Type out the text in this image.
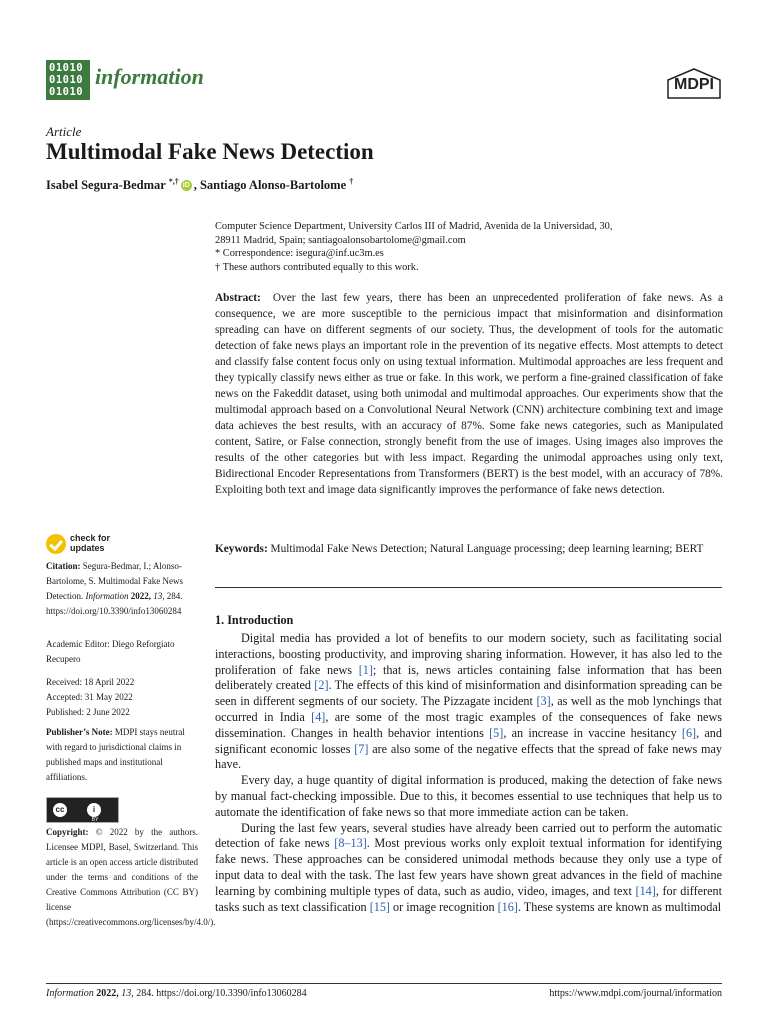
01010
01010
01010
information	MDPI
Article
Multimodal Fake News Detection
Isabel Segura-Bedmar *,† iD , Santiago Alonso-Bartolome †
Computer Science Department, University Carlos III of Madrid, Avenida de la Universidad, 30,
28911 Madrid, Spain; santiagoalonsobartolome@gmail.com
* Correspondence: isegura@inf.uc3m.es
† These authors contributed equally to this work.
Abstract: Over the last few years, there has been an unprecedented proliferation of fake news. As a consequence, we are more susceptible to the pernicious impact that misinformation and disinformation spreading can have on different segments of our society. Thus, the development of tools for the automatic detection of fake news plays an important role in the prevention of its negative effects. Most attempts to detect and classify false content focus only on using textual information. Multimodal approaches are less frequent and they typically classify news either as true or fake. In this work, we perform a fine-grained classification of fake news on the Fakeddit dataset, using both unimodal and multimodal approaches. Our experiments show that the multimodal approach based on a Convolutional Neural Network (CNN) architecture combining text and image data achieves the best results, with an accuracy of 87%. Some fake news categories, such as Manipulated content, Satire, or False connection, strongly benefit from the use of images. Using images also improves the results of the other categories but with less impact. Regarding the unimodal approaches using only text, Bidirectional Encoder Representations from Transformers (BERT) is the best model, with an accuracy of 78%. Exploiting both text and image data significantly improves the performance of fake news detection.
Keywords: Multimodal Fake News Detection; Natural Language processing; deep learning learning; BERT
check for
updates
Citation: Segura-Bedmar, I.; Alonso-Bartolome, S. Multimodal Fake News Detection. Information 2022, 13, 284. https://doi.org/10.3390/info13060284
Academic Editor: Diego Reforgiato Recupero
Received: 18 April 2022
Accepted: 31 May 2022
Published: 2 June 2022
Publisher’s Note: MDPI stays neutral with regard to jurisdictional claims in published maps and institutional affiliations.
cc	i
BY
Copyright: © 2022 by the authors. Licensee MDPI, Basel, Switzerland. This article is an open access article distributed under the terms and conditions of the Creative Commons Attribution (CC BY) license (https://creativecommons.org/licenses/by/4.0/).
1. Introduction

Digital media has provided a lot of benefits to our modern society, such as facilitating social interactions, boosting productivity, and improving sharing information. However, it has also led to the proliferation of fake news [1]; that is, news articles containing false information that has been deliberately created [2]. The effects of this kind of misinformation and disinformation spreading can be seen in different segments of our society. The Pizzagate incident [3], as well as the mob lynchings that occurred in India [4], are some of the most tragic examples of the consequences of fake news dissemination. Changes in health behavior intentions [5], an increase in vaccine hesitancy [6], and significant economic losses [7] are also some of the negative effects that the spread of fake news may have.

Every day, a huge quantity of digital information is produced, making the detection of fake news by manual fact-checking impossible. Due to this, it becomes essential to use techniques that help us to automate the identification of fake news so that more immediate action can be taken.

During the last few years, several studies have already been carried out to perform the automatic detection of fake news [8–13]. Most previous works only exploit textual information for identifying fake news. These approaches can be considered unimodal methods because they only use a type of input data to deal with the task. The last few years have shown great advances in the field of machine learning by combining multiple types of data, such as audio, video, images, and text [14], for different tasks such as text classification [15] or image recognition [16]. These systems are known as multimodal

Information 2022, 13, 284. https://doi.org/10.3390/info13060284	https://www.mdpi.com/journal/information
